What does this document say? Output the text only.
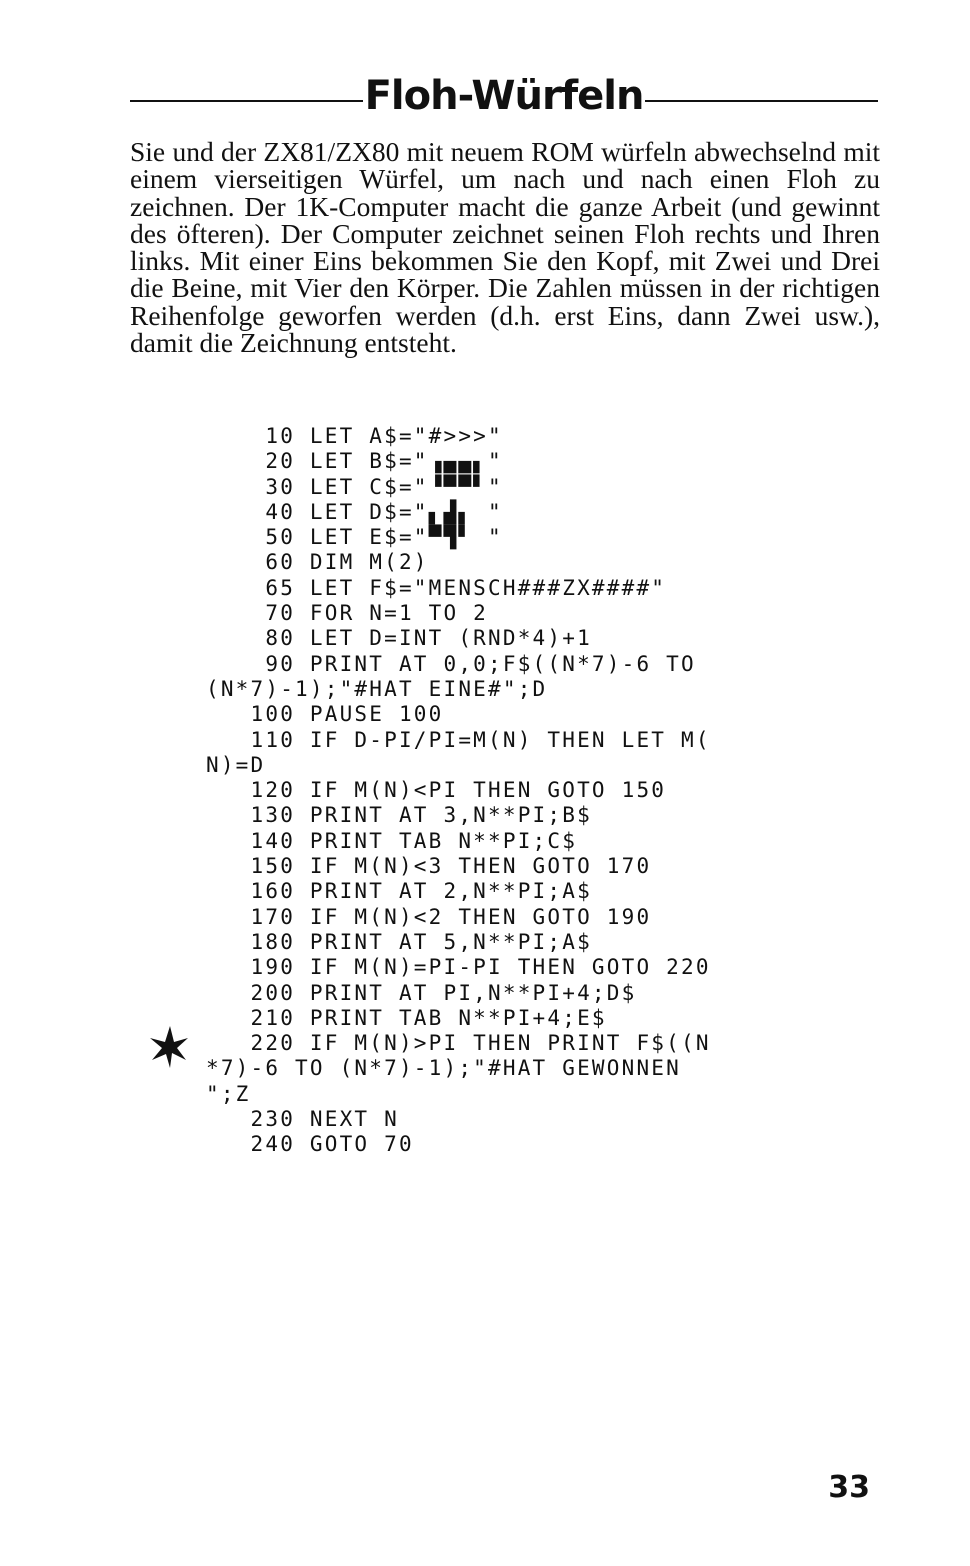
Floh-Würfeln

Sie und der ZX81/ZX80 mit neuem ROM würfeln abwechselnd mit einem vierseitigen Würfel, um nach und nach einen Floh zu zeichnen. Der 1K-Computer macht die ganze Arbeit (und gewinnt des öfteren). Der Computer zeichnet seinen Floh rechts und Ihren links. Mit einer Eins bekommen Sie den Kopf, mit Zwei und Drei die Beine, mit Vier den Körper. Die Zahlen müssen in der richtigen Reihenfolge geworfen werden (d.h. erst Eins, dann Zwei usw.), damit die Zeichnung entsteht.

10 LET A$="#>>>"
20 LET B$="▗▄▄▖"
30 LET C$="▝▀▀▘"
40 LET D$="▖▟▖ "
50 LET E$="▀▜▘ "
60 DIM M(2)
65 LET F$="MENSCH###ZX####"
70 FOR N=1 TO 2
80 LET D=INT (RND*4)+1
90 PRINT AT 0,0;F$((N*7)-6 TO
(N*7)-1);"#HAT EINE#";D
100 PAUSE 100
110 IF D-PI/PI=M(N) THEN LET M(
N)=D
120 IF M(N)<PI THEN GOTO 150
130 PRINT AT 3,N**PI;B$
140 PRINT TAB N**PI;C$
150 IF M(N)<3 THEN GOTO 170
160 PRINT AT 2,N**PI;A$
170 IF M(N)<2 THEN GOTO 190
180 PRINT AT 5,N**PI;A$
190 IF M(N)=PI-PI THEN GOTO 220
200 PRINT AT PI,N**PI+4;D$
210 PRINT TAB N**PI+4;E$
220 IF M(N)>PI THEN PRINT F$((N
*7)-6 TO (N*7)-1);"#HAT GEWONNEN
";Z
230 NEXT N
240 GOTO 70
33
